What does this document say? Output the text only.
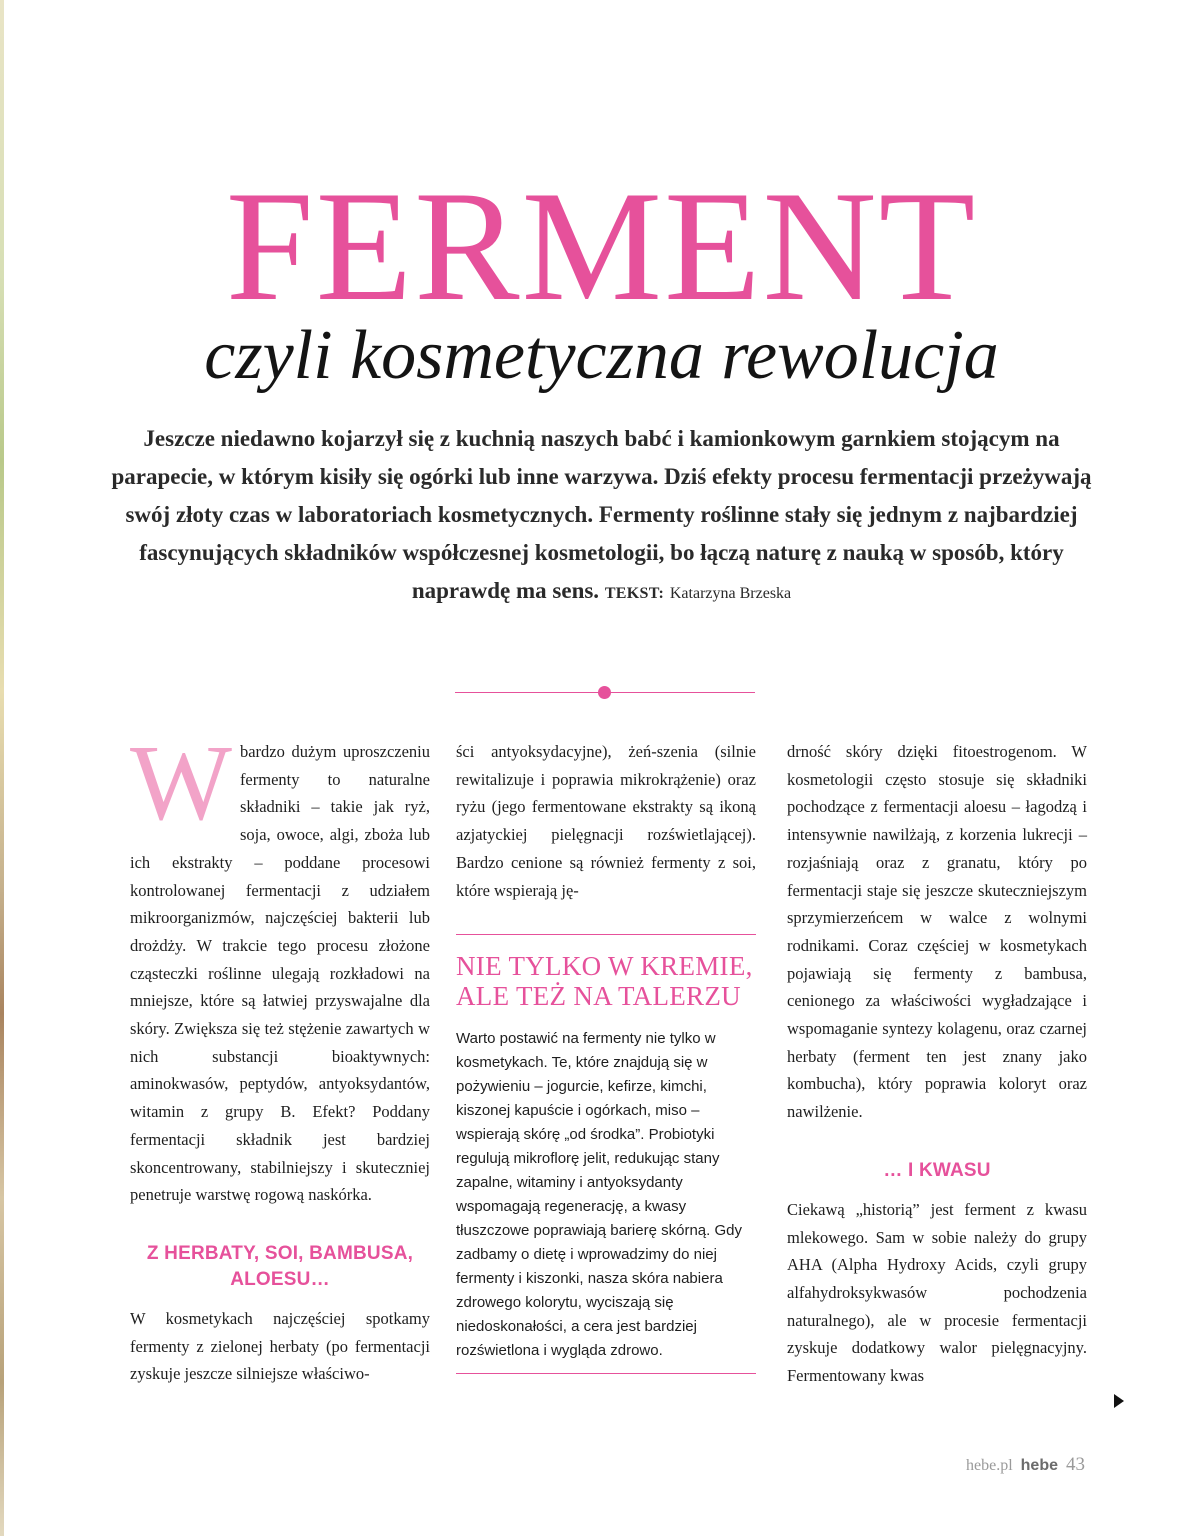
FERMENT
czyli kosmetyczna rewolucja

Jeszcze niedawno kojarzył się z kuchnią naszych babć i kamionkowym garnkiem stojącym na parapecie, w którym kisiły się ogórki lub inne warzywa. Dziś efekty procesu fermentacji przeżywają swój złoty czas w laboratoriach kosmetycznych. Fermenty roślinne stały się jednym z najbardziej fascynujących składników współczesnej kosmetologii, bo łączą naturę z nauką w sposób, który naprawdę ma sens. TEKST: Katarzyna Brzeska

W bardzo dużym uproszczeniu fermenty to naturalne składniki – takie jak ryż, soja, owoce, algi, zboża lub ich ekstrakty – poddane procesowi kontrolowanej fermentacji z udziałem mikroorganizmów, najczęściej bakterii lub drożdży. W trakcie tego procesu złożone cząsteczki roślinne ulegają rozkładowi na mniejsze, które są łatwiej przyswajalne dla skóry. Zwiększa się też stężenie zawartych w nich substancji bioaktywnych: aminokwasów, peptydów, antyoksydantów, witamin z grupy B. Efekt? Poddany fermentacji składnik jest bardziej skoncentrowany, stabilniejszy i skuteczniej penetruje warstwę rogową naskórka.

Z HERBATY, SOI, BAMBUSA, ALOESU…

W kosmetykach najczęściej spotkamy fermenty z zielonej herbaty (po fermentacji zyskuje jeszcze silniejsze właściwo-

ści antyoksydacyjne), żeń-szenia (silnie rewitalizuje i poprawia mikrokrążenie) oraz ryżu (jego fermentowane ekstrakty są ikoną azjatyckiej pielęgnacji rozświetlającej). Bardzo cenione są również fermenty z soi, które wspierają ję-

NIE TYLKO W KREMIE, ALE TEŻ NA TALERZU

Warto postawić na fermenty nie tylko w kosmetykach. Te, które znajdują się w pożywieniu – jogurcie, kefirze, kimchi, kiszonej kapuście i ogórkach, miso – wspierają skórę „od środka”. Probiotyki regulują mikroflorę jelit, redukując stany zapalne, witaminy i antyoksydanty wspomagają regenerację, a kwasy tłuszczowe poprawiają barierę skórną. Gdy zadbamy o dietę i wprowadzimy do niej fermenty i kiszonki, nasza skóra nabiera zdrowego kolorytu, wyciszają się niedoskonałości, a cera jest bardziej rozświetlona i wygląda zdrowo.

drność skóry dzięki fitoestrogenom. W kosmetologii często stosuje się składniki pochodzące z fermentacji aloesu – łagodzą i intensywnie nawilżają, z korzenia lukrecji – rozjaśniają oraz z granatu, który po fermentacji staje się jeszcze skuteczniejszym sprzymierzeńcem w walce z wolnymi rodnikami. Coraz częściej w kosmetykach pojawiają się fermenty z bambusa, cenionego za właściwości wygładzające i wspomaganie syntezy kolagenu, oraz czarnej herbaty (ferment ten jest znany jako kombucha), który poprawia koloryt oraz nawilżenie.

… I KWASU

Ciekawą „historią” jest ferment z kwasu mlekowego. Sam w sobie należy do grupy AHA (Alpha Hydroxy Acids, czyli grupy alfahydroksykwasów pochodzenia naturalnego), ale w procesie fermentacji zyskuje dodatkowy walor pielęgnacyjny. Fermentowany kwas

hebe.pl hebe 43
